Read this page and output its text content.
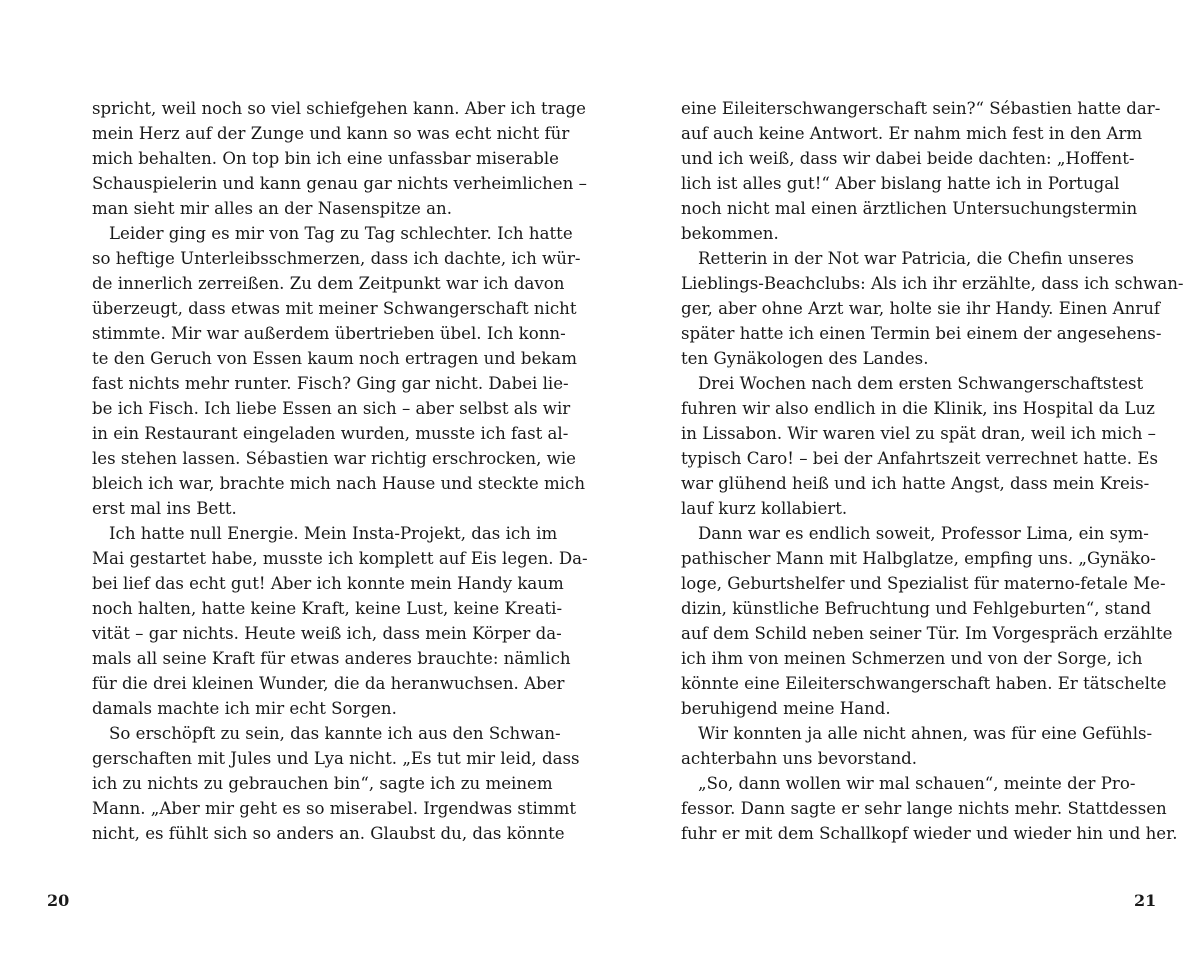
spricht, weil noch so viel schiefgehen kann. Aber ich trage
mein Herz auf der Zunge und kann so was echt nicht für
mich behalten. On top bin ich eine unfassbar miserable
Schauspielerin und kann genau gar nichts verheimlichen –
man sieht mir alles an der Nasenspitze an.
Leider ging es mir von Tag zu Tag schlechter. Ich hatte
so heftige Unterleibsschmerzen, dass ich dachte, ich wür-
de innerlich zerreißen. Zu dem Zeitpunkt war ich davon
überzeugt, dass etwas mit meiner Schwangerschaft nicht
stimmte. Mir war außerdem übertrieben übel. Ich konn-
te den Geruch von Essen kaum noch ertragen und bekam
fast nichts mehr runter. Fisch? Ging gar nicht. Dabei lie-
be ich Fisch. Ich liebe Essen an sich – aber selbst als wir
in ein Restaurant eingeladen wurden, musste ich fast al-
les stehen lassen. Sébastien war richtig erschrocken, wie
bleich ich war, brachte mich nach Hause und steckte mich
erst mal ins Bett.
Ich hatte null Energie. Mein Insta-Projekt, das ich im
Mai gestartet habe, musste ich komplett auf Eis legen. Da-
bei lief das echt gut! Aber ich konnte mein Handy kaum
noch halten, hatte keine Kraft, keine Lust, keine Kreati-
vität – gar nichts. Heute weiß ich, dass mein Körper da-
mals all seine Kraft für etwas anderes brauchte: nämlich
für die drei kleinen Wunder, die da heranwuchsen. Aber
damals machte ich mir echt Sorgen.
So erschöpft zu sein, das kannte ich aus den Schwan-
gerschaften mit Jules und Lya nicht. „Es tut mir leid, dass
ich zu nichts zu gebrauchen bin“, sagte ich zu meinem
Mann. „Aber mir geht es so miserabel. Irgendwas stimmt
nicht, es fühlt sich so anders an. Glaubst du, das könnte
eine Eileiterschwangerschaft sein?“ Sébastien hatte dar-
auf auch keine Antwort. Er nahm mich fest in den Arm
und ich weiß, dass wir dabei beide dachten: „Hoffent-
lich ist alles gut!“ Aber bislang hatte ich in Portugal
noch nicht mal einen ärztlichen Untersuchungstermin
bekommen.
Retterin in der Not war Patricia, die Chefin unseres
Lieblings-Beachclubs: Als ich ihr erzählte, dass ich schwan-
ger, aber ohne Arzt war, holte sie ihr Handy. Einen Anruf
später hatte ich einen Termin bei einem der angesehens-
ten Gynäkologen des Landes.
Drei Wochen nach dem ersten Schwangerschaftstest
fuhren wir also endlich in die Klinik, ins Hospital da Luz
in Lissabon. Wir waren viel zu spät dran, weil ich mich –
typisch Caro! – bei der Anfahrtszeit verrechnet hatte. Es
war glühend heiß und ich hatte Angst, dass mein Kreis-
lauf kurz kollabiert.
Dann war es endlich soweit, Professor Lima, ein sym-
pathischer Mann mit Halbglatze, empfing uns. „Gynäko-
loge, Geburtshelfer und Spezialist für materno-fetale Me-
dizin, künstliche Befruchtung und Fehlgeburten“, stand
auf dem Schild neben seiner Tür. Im Vorgespräch erzählte
ich ihm von meinen Schmerzen und von der Sorge, ich
könnte eine Eileiterschwangerschaft haben. Er tätschelte
beruhigend meine Hand.
Wir konnten ja alle nicht ahnen, was für eine Gefühls-
achterbahn uns bevorstand.
„So, dann wollen wir mal schauen“, meinte der Pro-
fessor. Dann sagte er sehr lange nichts mehr. Stattdessen
fuhr er mit dem Schallkopf wieder und wieder hin und her.
20	21
